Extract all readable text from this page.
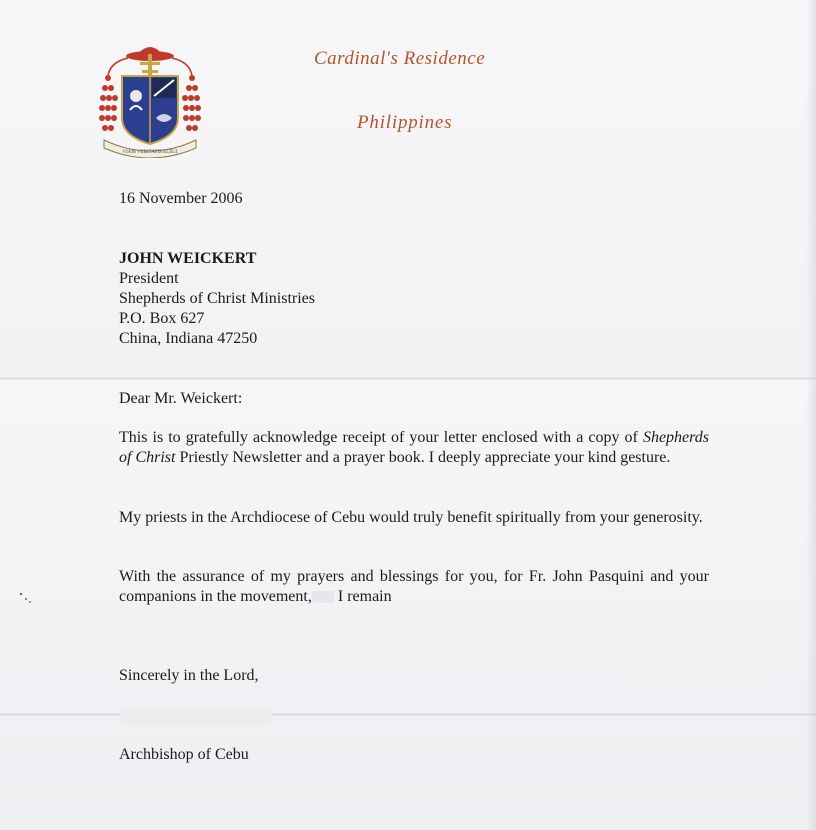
VIAM VERITATIS ELEGI
Cardinal's Residence
Philippines
16 November 2006
JOHN WEICKERT
President
Shepherds of Christ Ministries
P.O. Box 627
China, Indiana 47250
Dear Mr. Weickert:
This is to gratefully acknowledge receipt of your letter enclosed with a copy of Shepherds of Christ Priestly Newsletter and a prayer book. I deeply appreciate your kind gesture.
My priests in the Archdiocese of Cebu would truly benefit spiritually from your generosity.
With the assurance of my prayers and blessings for you, for Fr. John Pasquini and your companions in the movement, I remain
Sincerely in the Lord,
Archbishop of Cebu
